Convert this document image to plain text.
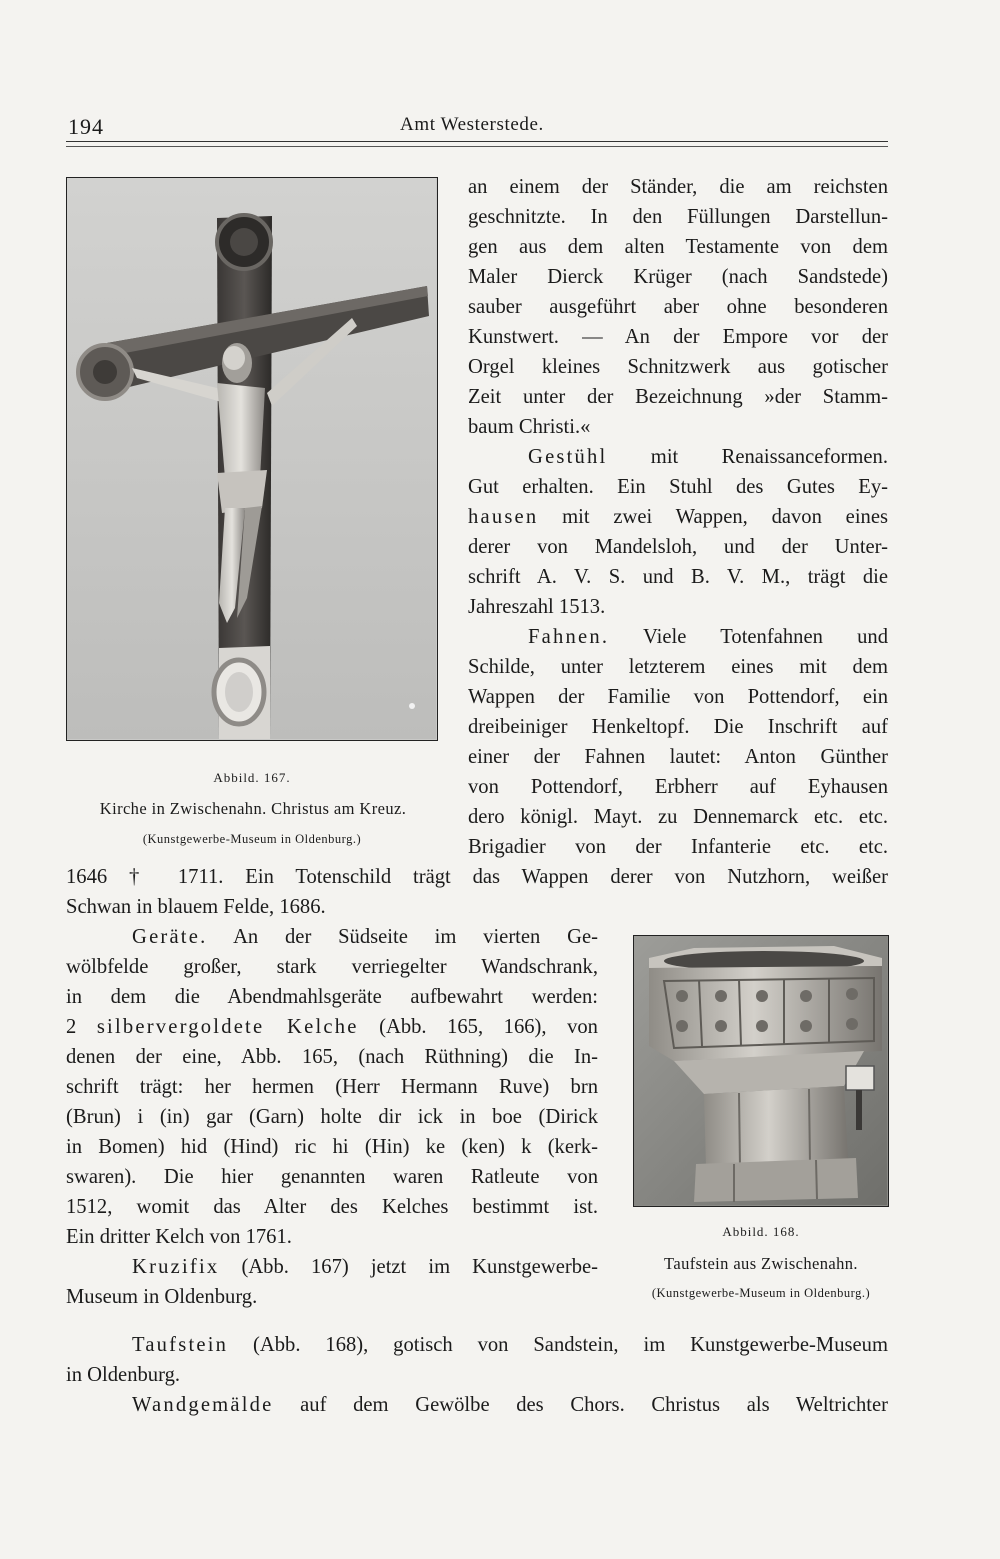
194	Amt Westerstede.

Abbild. 167.

Kirche in Zwischenahn. Christus am Kreuz.

(Kunstgewerbe-Museum in Oldenburg.)

an einem der Ständer, die am reichsten

geschnitzte. In den Füllungen Darstellun-

gen aus dem alten Testamente von dem

Maler Dierck Krüger (nach Sandstede)

sauber ausgeführt aber ohne besonderen

Kunstwert. — An der Empore vor der

Orgel kleines Schnitzwerk aus gotischer

Zeit unter der Bezeichnung »der Stamm-

baum Christi.«

Gestühl mit Renaissanceformen.

Gut erhalten. Ein Stuhl des Gutes Ey-

hausen mit zwei Wappen, davon eines

derer von Mandelsloh, und der Unter-

schrift A. V. S. und B. V. M., trägt die

Jahreszahl 1513.

Fahnen. Viele Totenfahnen und

Schilde, unter letzterem eines mit dem

Wappen der Familie von Pottendorf, ein

dreibeiniger Henkeltopf. Die Inschrift auf

einer der Fahnen lautet: Anton Günther

von Pottendorf, Erbherr auf Eyhausen

dero königl. Mayt. zu Dennemarck etc. etc.

Brigadier von der Infanterie etc. etc.

1646 † 1711. Ein Totenschild trägt das Wappen derer von Nutzhorn, weißer

Schwan in blauem Felde, 1686.

Geräte. An der Südseite im vierten Ge-

wölbfelde großer, stark verriegelter Wandschrank,

in dem die Abendmahlsgeräte aufbewahrt werden:

2 silbervergoldete Kelche (Abb. 165, 166), von

denen der eine, Abb. 165, (nach Rüthning) die In-

schrift trägt: her hermen (Herr Hermann Ruve) brn

(Brun) i (in) gar (Garn) holte dir ick in boe (Dirick

in Bomen) hid (Hind) ric hi (Hin) ke (ken) k (kerk-

swaren). Die hier genannten waren Ratleute von

1512, womit das Alter des Kelches bestimmt ist.

Ein dritter Kelch von 1761.

Kruzifix (Abb. 167) jetzt im Kunstgewerbe-

Museum in Oldenburg.

Abbild. 168.

Taufstein aus Zwischenahn.

(Kunstgewerbe-Museum in Oldenburg.)

Taufstein (Abb. 168), gotisch von Sandstein, im Kunstgewerbe-Museum

in Oldenburg.

Wandgemälde auf dem Gewölbe des Chors. Christus als Weltrichter
